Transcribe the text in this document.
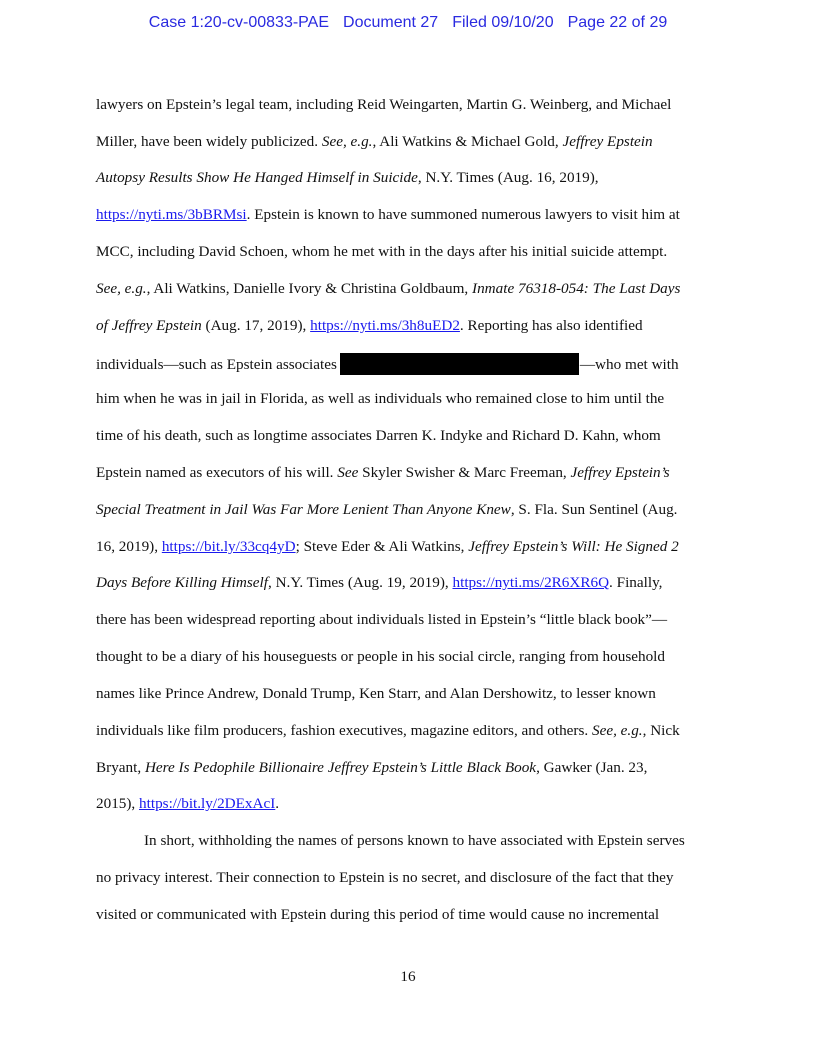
Case 1:20-cv-00833-PAE Document 27 Filed 09/10/20 Page 22 of 29
lawyers on Epstein’s legal team, including Reid Weingarten, Martin G. Weinberg, and Michael
Miller, have been widely publicized. See, e.g., Ali Watkins & Michael Gold, Jeffrey Epstein
Autopsy Results Show He Hanged Himself in Suicide, N.Y. Times (Aug. 16, 2019),
https://nyti.ms/3bBRMsi. Epstein is known to have summoned numerous lawyers to visit him at
MCC, including David Schoen, whom he met with in the days after his initial suicide attempt.
See, e.g., Ali Watkins, Danielle Ivory & Christina Goldbaum, Inmate 76318-054: The Last Days
of Jeffrey Epstein (Aug. 17, 2019), https://nyti.ms/3h8uED2. Reporting has also identified
individuals—such as Epstein associates	—who met with
him when he was in jail in Florida, as well as individuals who remained close to him until the
time of his death, such as longtime associates Darren K. Indyke and Richard D. Kahn, whom
Epstein named as executors of his will. See Skyler Swisher & Marc Freeman, Jeffrey Epstein’s
Special Treatment in Jail Was Far More Lenient Than Anyone Knew, S. Fla. Sun Sentinel (Aug.
16, 2019), https://bit.ly/33cq4yD; Steve Eder & Ali Watkins, Jeffrey Epstein’s Will: He Signed 2
Days Before Killing Himself, N.Y. Times (Aug. 19, 2019), https://nyti.ms/2R6XR6Q. Finally,
there has been widespread reporting about individuals listed in Epstein’s “little black book”—
thought to be a diary of his houseguests or people in his social circle, ranging from household
names like Prince Andrew, Donald Trump, Ken Starr, and Alan Dershowitz, to lesser known
individuals like film producers, fashion executives, magazine editors, and others. See, e.g., Nick
Bryant, Here Is Pedophile Billionaire Jeffrey Epstein’s Little Black Book, Gawker (Jan. 23,
2015), https://bit.ly/2DExAcI.
In short, withholding the names of persons known to have associated with Epstein serves
no privacy interest. Their connection to Epstein is no secret, and disclosure of the fact that they
visited or communicated with Epstein during this period of time would cause no incremental
16
